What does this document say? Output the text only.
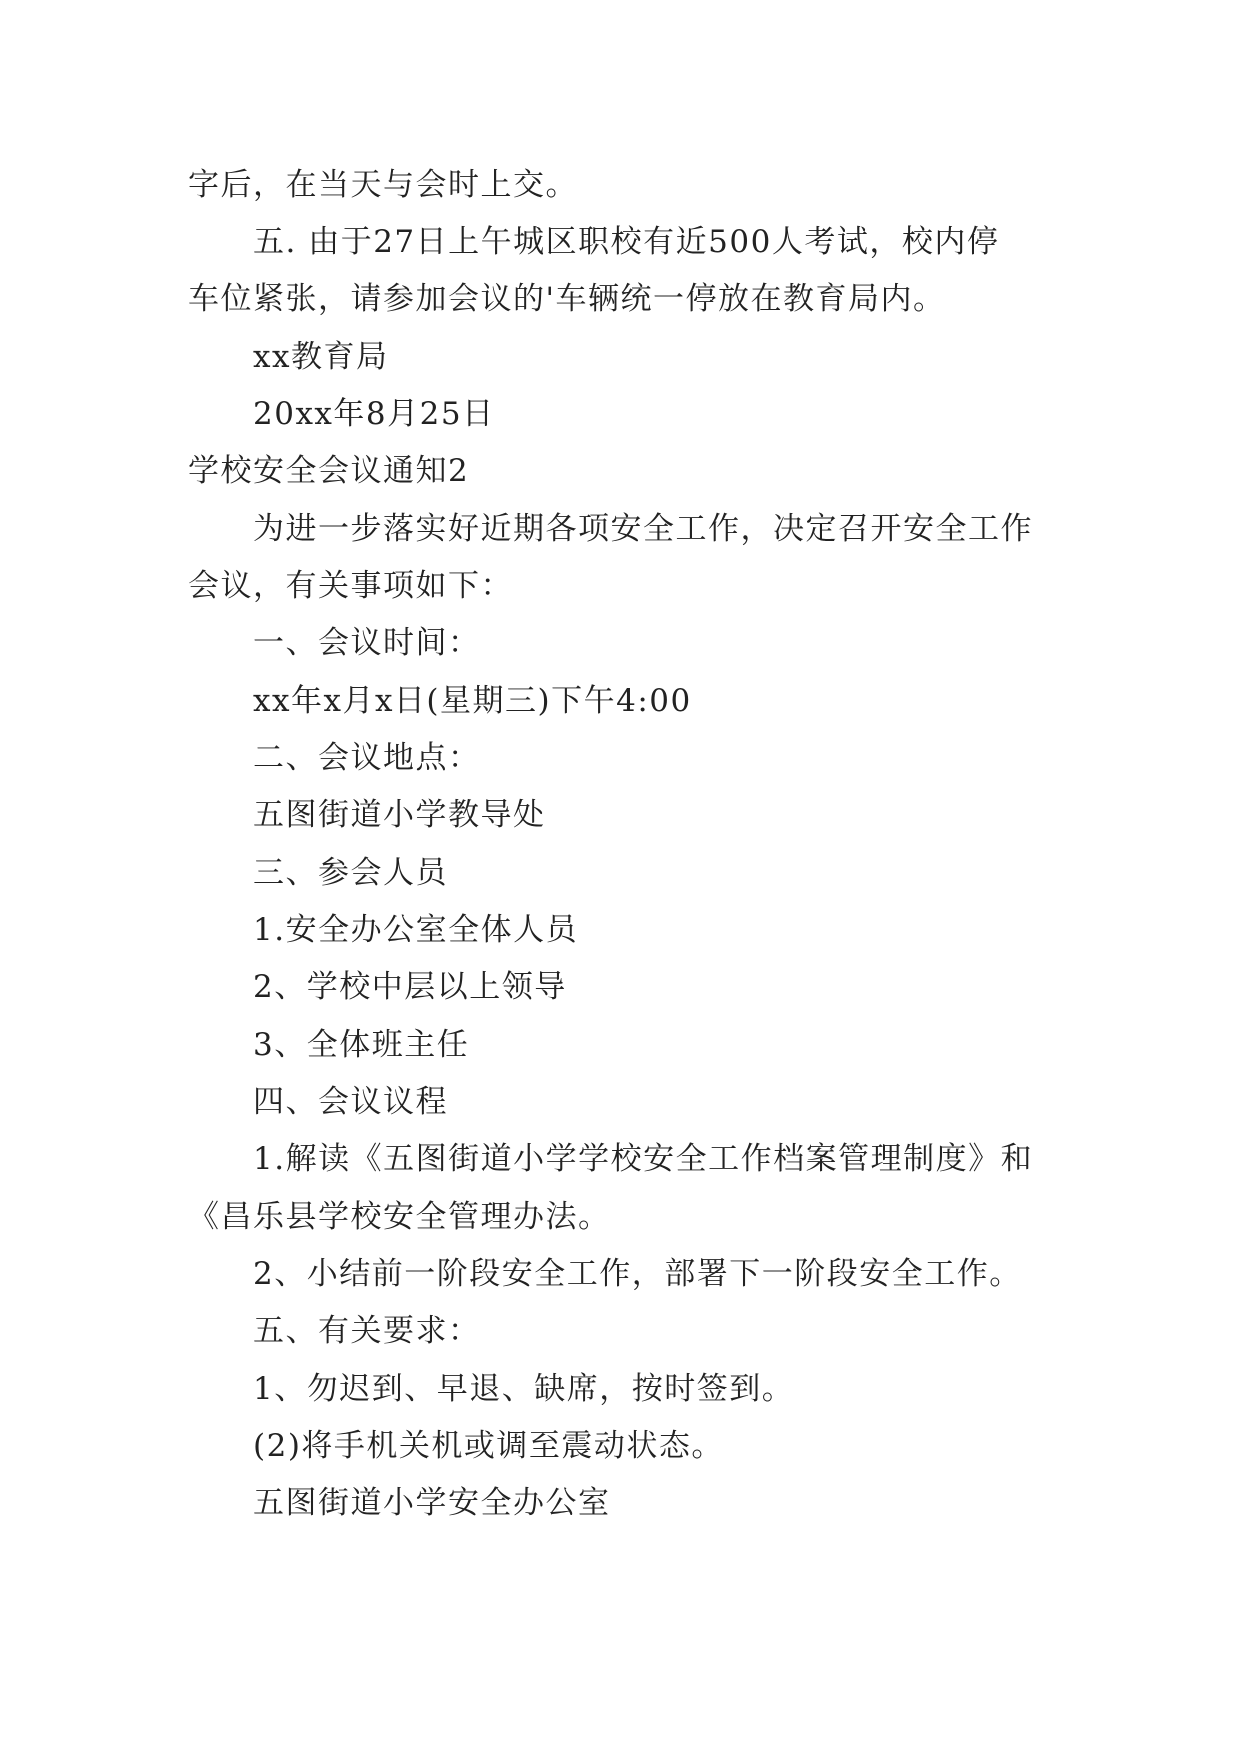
字后，在当天与会时上交。
五. 由于27日上午城区职校有近500人考试，校内停
车位紧张，请参加会议的'车辆统一停放在教育局内。
xx教育局
20xx年8月25日
学校安全会议通知2
为进一步落实好近期各项安全工作，决定召开安全工作
会议，有关事项如下：
一、会议时间：
xx年x月x日(星期三)下午4:00
二、会议地点：
五图街道小学教导处
三、参会人员
1.安全办公室全体人员
2、学校中层以上领导
3、全体班主任
四、会议议程
1.解读《五图街道小学学校安全工作档案管理制度》和
《昌乐县学校安全管理办法。
2、小结前一阶段安全工作，部署下一阶段安全工作。
五、有关要求：
1、勿迟到、早退、缺席，按时签到。
(2)将手机关机或调至震动状态。
五图街道小学安全办公室
